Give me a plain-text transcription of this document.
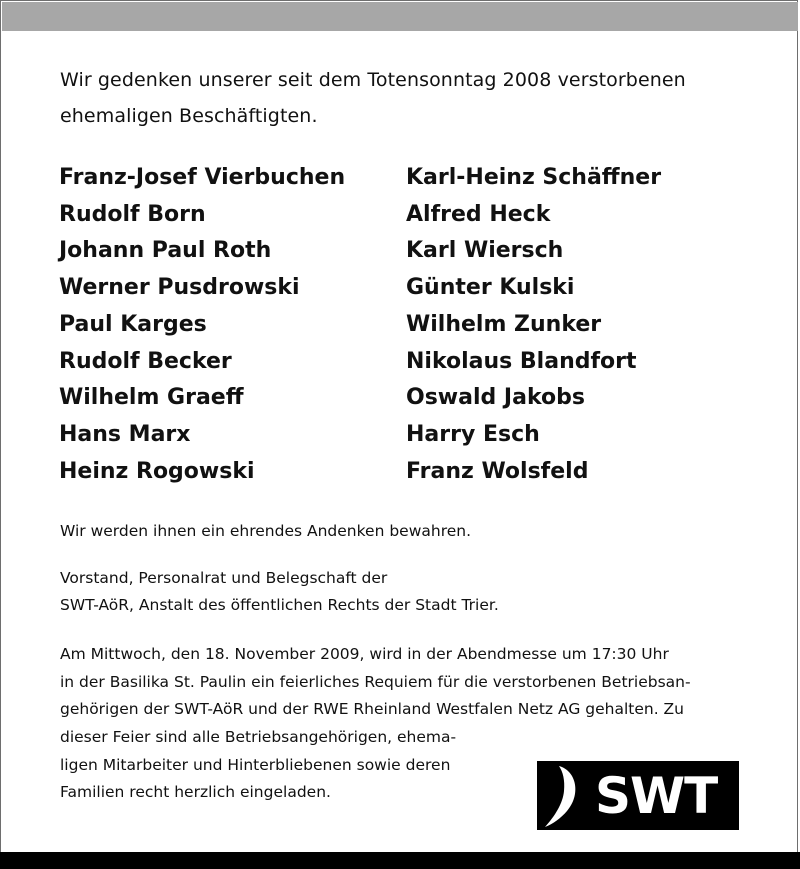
Wir gedenken unserer seit dem Totensonntag 2008 verstorbenen
ehemaligen Beschäftigten.
Franz-Josef Vierbuchen
Rudolf Born
Johann Paul Roth
Werner Pusdrowski
Paul Karges
Rudolf Becker
Wilhelm Graeff
Hans Marx
Heinz Rogowski
Karl-Heinz Schäffner
Alfred Heck
Karl Wiersch
Günter Kulski
Wilhelm Zunker
Nikolaus Blandfort
Oswald Jakobs
Harry Esch
Franz Wolsfeld
Wir werden ihnen ein ehrendes Andenken bewahren.
Vorstand, Personalrat und Belegschaft der
SWT-AöR, Anstalt des öffentlichen Rechts der Stadt Trier.
Am Mittwoch, den 18. November 2009, wird in der Abendmesse um 17:30 Uhr
in der Basilika St. Paulin ein feierliches Requiem für die verstorbenen Betriebsan-
gehörigen der SWT-AöR und der RWE Rheinland Westfalen Netz AG gehalten. Zu
dieser Feier sind alle Betriebsangehörigen, ehema-
ligen Mitarbeiter und Hinterbliebenen sowie deren
Familien recht herzlich eingeladen.	SWT
